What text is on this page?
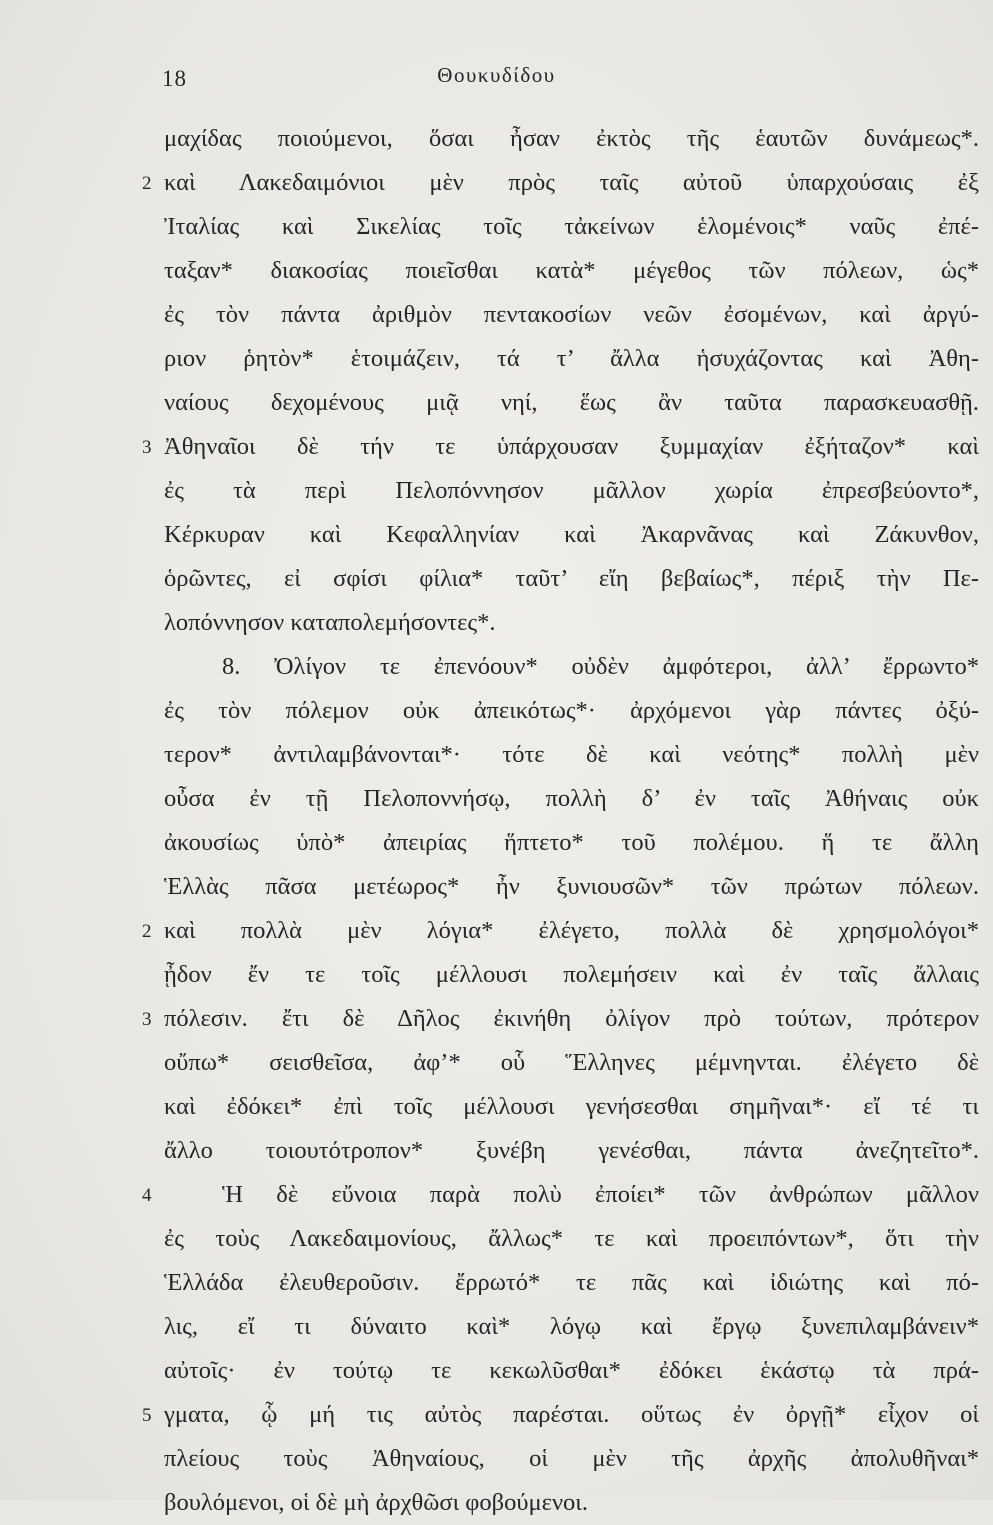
18	Θουκυδίδου
μαχίδας ποιούμενοι, ὅσαι ἦσαν ἐκτὸς τῆς ἑαυτῶν δυνάμεως*.
2 καὶ Λακεδαιμόνιοι μὲν πρὸς ταῖς αὐτοῦ ὑπαρχούσαις ἐξ
Ἰταλίας καὶ Σικελίας τοῖς τἀκείνων ἑλομένοις* ναῦς ἐπέ-
ταξαν* διακοσίας ποιεῖσθαι κατὰ* μέγεθος τῶν πόλεων, ὡς*
ἐς τὸν πάντα ἀριθμὸν πεντακοσίων νεῶν ἐσομένων, καὶ ἀργύ-
ριον ῥητὸν* ἑτοιμάζειν, τά τ’ ἄλλα ἡσυχάζοντας καὶ Ἀθη-
ναίους δεχομένους μιᾷ νηί, ἕως ἂν ταῦτα παρασκευασθῇ.
3 Ἀθηναῖοι δὲ τήν τε ὑπάρχουσαν ξυμμαχίαν ἐξήταζον* καὶ
ἐς τὰ περὶ Πελοπόννησον μᾶλλον χωρία ἐπρεσβεύοντο*,
Κέρκυραν καὶ Κεφαλληνίαν καὶ Ἀκαρνᾶνας καὶ Ζάκυνθον,
ὁρῶντες, εἰ σφίσι φίλια* ταῦτ’ εἴη βεβαίως*, πέριξ τὴν Πε-
λοπόννησον καταπολεμήσοντες*.
8. Ὀλίγον τε ἐπενόουν* οὐδὲν ἀμφότεροι, ἀλλ’ ἔρρωντο*
ἐς τὸν πόλεμον οὐκ ἀπεικότως*· ἀρχόμενοι γὰρ πάντες ὀξύ-
τερον* ἀντιλαμβάνονται*· τότε δὲ καὶ νεότης* πολλὴ μὲν
οὖσα ἐν τῇ Πελοποννήσῳ, πολλὴ δ’ ἐν ταῖς Ἀθήναις οὐκ
ἀκουσίως ὑπὸ* ἀπειρίας ἥπτετο* τοῦ πολέμου. ἥ τε ἄλλη
Ἑλλὰς πᾶσα μετέωρος* ἦν ξυνιουσῶν* τῶν πρώτων πόλεων.
2 καὶ πολλὰ μὲν λόγια* ἐλέγετο, πολλὰ δὲ χρησμολόγοι*
ᾖδον ἔν τε τοῖς μέλλουσι πολεμήσειν καὶ ἐν ταῖς ἄλλαις
3 πόλεσιν. ἔτι δὲ Δῆλος ἐκινήθη ὀλίγον πρὸ τούτων, πρότερον
οὔπω* σεισθεῖσα, ἀφ’* οὗ Ἕλληνες μέμνηνται. ἐλέγετο δὲ
καὶ ἐδόκει* ἐπὶ τοῖς μέλλουσι γενήσεσθαι σημῆναι*· εἴ τέ τι
ἄλλο τοιουτότροπον* ξυνέβη γενέσθαι, πάντα ἀνεζητεῖτο*.
4	Ἡ δὲ εὔνοια παρὰ πολὺ ἐποίει* τῶν ἀνθρώπων μᾶλλον
ἐς τοὺς Λακεδαιμονίους, ἄλλως* τε καὶ προειπόντων*, ὅτι τὴν
Ἑλλάδα ἐλευθεροῦσιν. ἔρρωτό* τε πᾶς καὶ ἰδιώτης καὶ πό-
λις, εἴ τι δύναιτο καὶ* λόγῳ καὶ ἔργῳ ξυνεπιλαμβάνειν*
αὐτοῖς· ἐν τούτῳ τε κεκωλῦσθαι* ἐδόκει ἑκάστῳ τὰ πρά-
5 γματα, ᾧ μή τις αὐτὸς παρέσται. οὕτως ἐν ὀργῇ* εἶχον οἱ
πλείους τοὺς Ἀθηναίους, οἱ μὲν τῆς ἀρχῆς ἀπολυθῆναι*
βουλόμενοι, οἱ δὲ μὴ ἀρχθῶσι φοβούμενοι.
